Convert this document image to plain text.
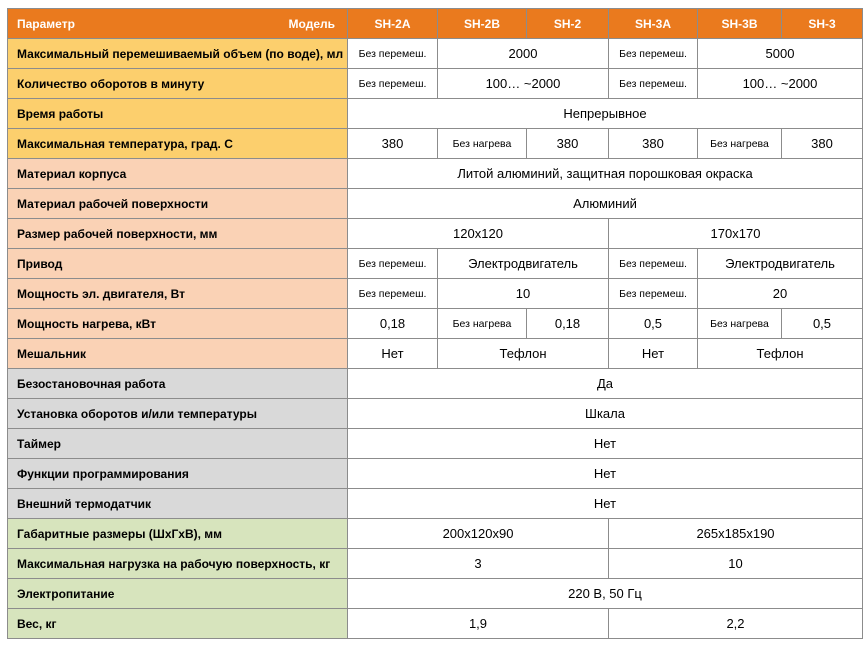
Параметр Модель	SH-2A	SH-2B	SH-2	SH-3A	SH-3B	SH-3
Максимальный перемешиваемый объем (по воде), мл	Без перемеш.	2000		Без перемеш.	5000	
Количество оборотов в минуту	Без перемеш.	100… ~2000		Без перемеш.	100… ~2000	
Время работы	Непрерывное					
Максимальная температура, град. С	380	Без нагрева	380	380	Без нагрева	380
Материал корпуса	Литой алюминий, защитная порошковая окраска					
Материал рабочей поверхности	Алюминий					
Размер рабочей поверхности, мм	120x120			170x170		
Привод	Без перемеш.	Электродвигатель		Без перемеш.	Электродвигатель	
Мощность эл. двигателя, Вт	Без перемеш.	10		Без перемеш.	20	
Мощность нагрева, кВт	0,18	Без нагрева	0,18	0,5	Без нагрева	0,5
Мешальник	Нет	Тефлон		Нет	Тефлон	
Безостановочная работа	Да					
Установка оборотов и/или температуры	Шкала					
Таймер	Нет					
Функции программирования	Нет					
Внешний термодатчик	Нет					
Габаритные размеры (ШхГхВ), мм	200x120x90			265x185x190		
Максимальная нагрузка на рабочую поверхность, кг	3			10		
Электропитание	220 В, 50 Гц					
Вес, кг	1,9			2,2		
